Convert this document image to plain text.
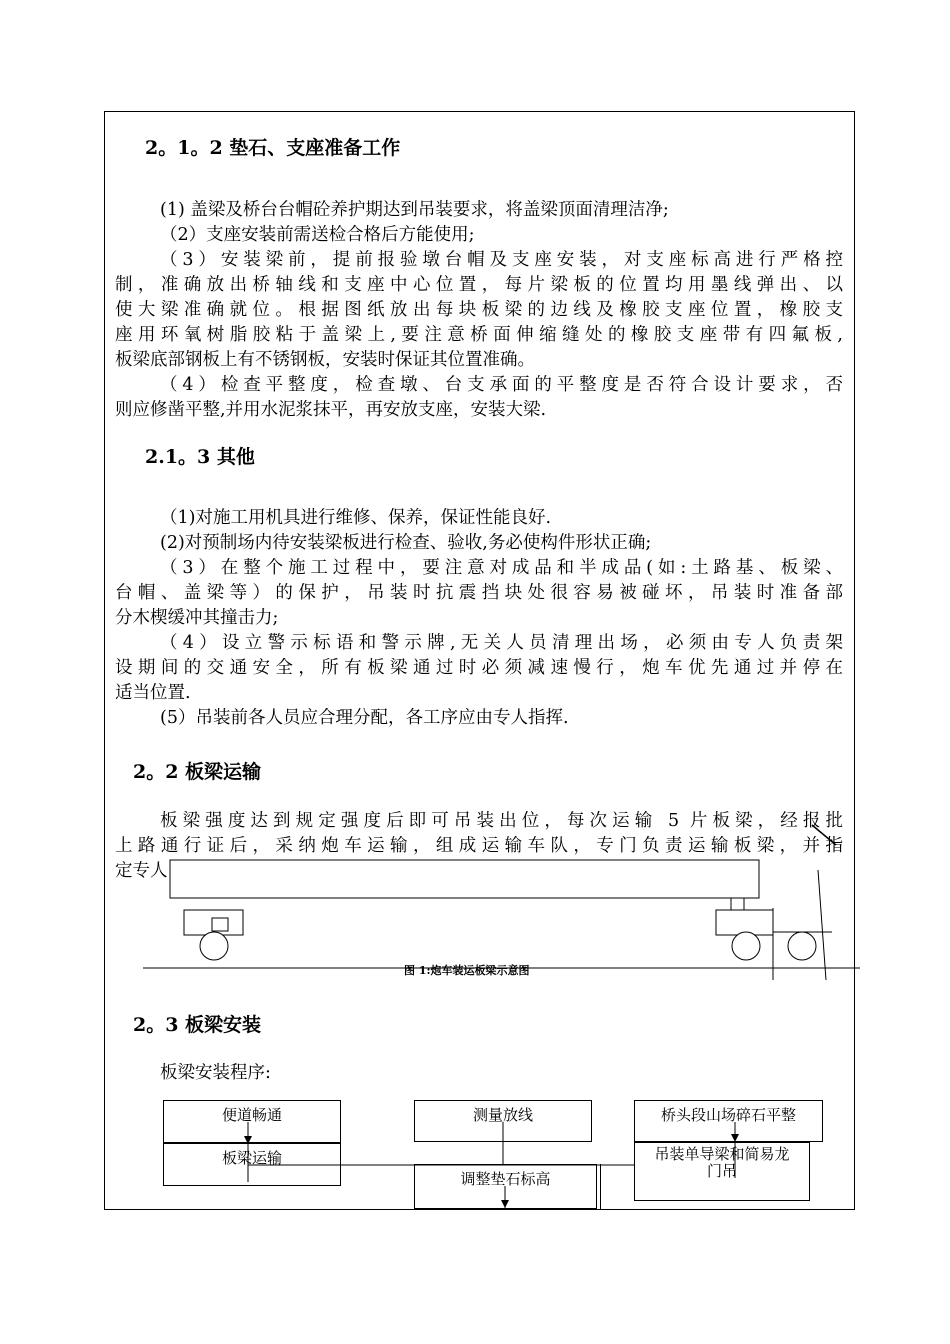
2。1。2 垫石、支座准备工作
(1) 盖梁及桥台台帽砼养护期达到吊装要求，将盖梁顶面清理洁净;
（2）支座安装前需送检合格后方能使用;
（3）安装梁前，提前报验墩台帽及支座安装，对支座标高进行严格控
制，准确放出桥轴线和支座中心位置，每片梁板的位置均用墨线弹出、以
使大梁准确就位。根据图纸放出每块板梁的边线及橡胶支座位置，橡胶支
座用环氧树脂胶粘于盖梁上,要注意桥面伸缩缝处的橡胶支座带有四氟板,
板梁底部钢板上有不锈钢板，安装时保证其位置准确。
（4）检查平整度，检查墩、台支承面的平整度是否符合设计要求，否
则应修凿平整,并用水泥浆抹平，再安放支座，安装大梁.
2.1。3 其他
（1)对施工用机具进行维修、保养，保证性能良好.
(2)对预制场内待安装梁板进行检查、验收,务必使构件形状正确;
（3）在整个施工过程中，要注意对成品和半成品(如:土路基、板梁、
台帽、盖梁等）的保护，吊装时抗震挡块处很容易被碰坏，吊装时准备部
分木楔缓冲其撞击力;
（4）设立警示标语和警示牌,无关人员清理出场，必须由专人负责架
设期间的交通安全，所有板梁通过时必须减速慢行，炮车优先通过并停在
适当位置.
(5）吊装前各人员应合理分配，各工序应由专人指挥.
2。2 板梁运输
板梁强度达到规定强度后即可吊装出位，每次运输 5 片板梁，经报批
上路通行证后，采纳炮车运输，组成运输车队，专门负责运输板梁，并指
定专人
图 1:炮车装运板梁示意图
2。3 板梁安装
板梁安装程序:
便道畅通
板梁运输
测量放线
调整垫石标高
桥头段山场碎石平整
吊装单导梁和简易龙门吊
